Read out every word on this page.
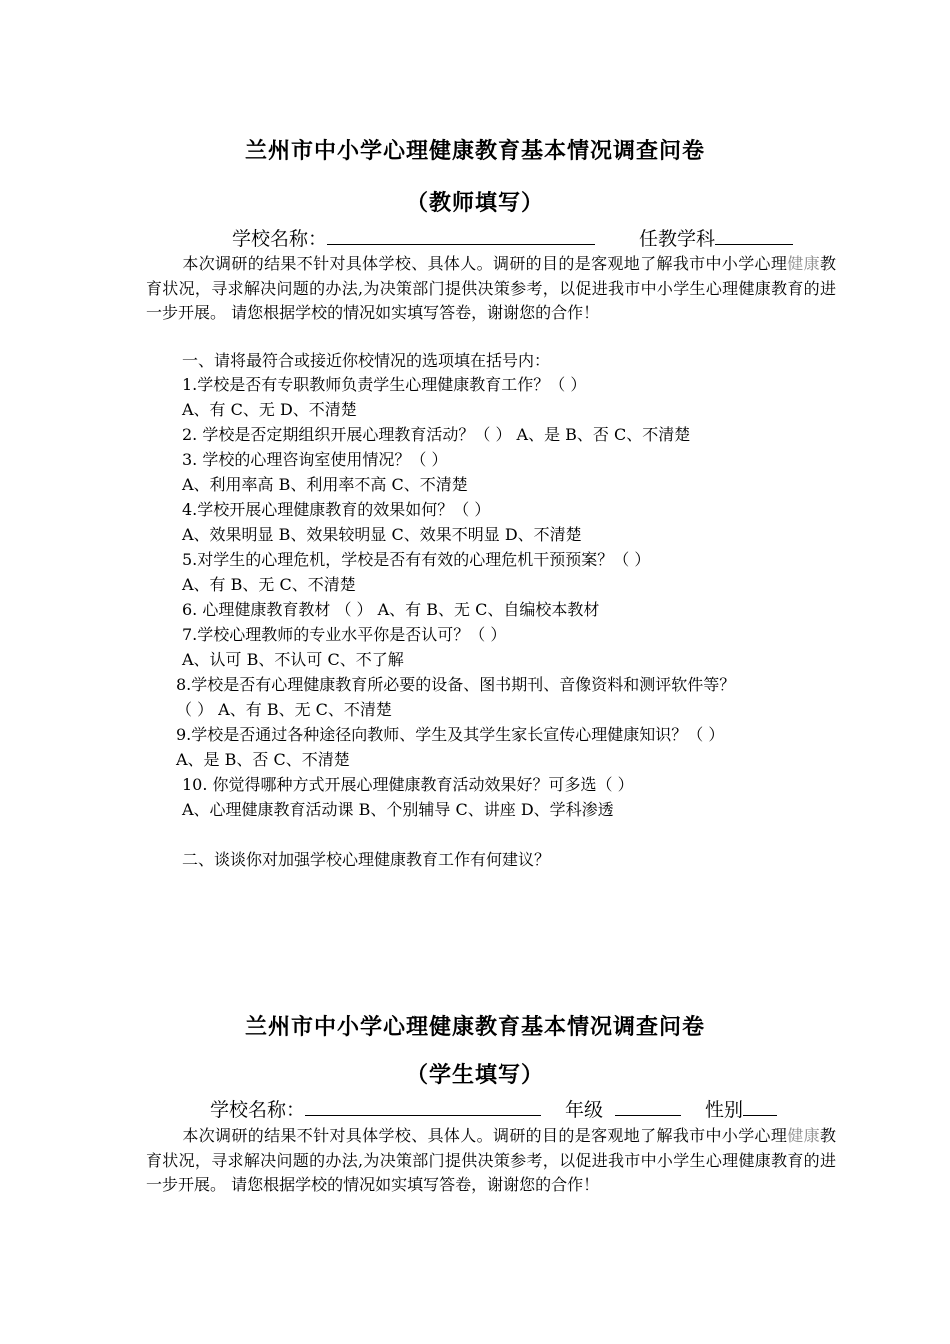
兰州市中小学心理健康教育基本情况调查问卷
（教师填写）
学校名称：	任教学科
本次调研的结果不针对具体学校、具体人。调研的目的是客观地了解我市中小学心理健康教育状况，寻求解决问题的办法,为决策部门提供决策参考，以促进我市中小学生心理健康教育的进一步开展。 请您根据学校的情况如实填写答卷，谢谢您的合作！
一、请将最符合或接近你校情况的选项填在括号内：
1.学校是否有专职教师负责学生心理健康教育工作？（ ）
A、有 C、无 D、不清楚
2. 学校是否定期组织开展心理教育活动？（ ） A、是 B、否 C、不清楚
3. 学校的心理咨询室使用情况？（ ）
A、利用率高 B、利用率不高 C、不清楚
4.学校开展心理健康教育的效果如何？（ ）
A、效果明显 B、效果较明显 C、效果不明显 D、不清楚
5.对学生的心理危机，学校是否有有效的心理危机干预预案？（ ）
A、有 B、无 C、不清楚
6. 心理健康教育教材 （ ） A、有 B、无 C、自编校本教材
7.学校心理教师的专业水平你是否认可？（ ）
A、认可 B、不认可 C、不了解
8.学校是否有心理健康教育所必要的设备、图书期刊、音像资料和测评软件等？
（ ） A、有 B、无 C、不清楚
9.学校是否通过各种途径向教师、学生及其学生家长宣传心理健康知识？（ ）
A、是 B、否 C、不清楚
10. 你觉得哪种方式开展心理健康教育活动效果好？可多选（ ）
A、心理健康教育活动课 B、个别辅导 C、讲座 D、学科渗透
二、谈谈你对加强学校心理健康教育工作有何建议？
兰州市中小学心理健康教育基本情况调查问卷
（学生填写）
学校名称：	年级	性别
本次调研的结果不针对具体学校、具体人。调研的目的是客观地了解我市中小学心理健康教育状况，寻求解决问题的办法,为决策部门提供决策参考，以促进我市中小学生心理健康教育的进一步开展。 请您根据学校的情况如实填写答卷，谢谢您的合作！
